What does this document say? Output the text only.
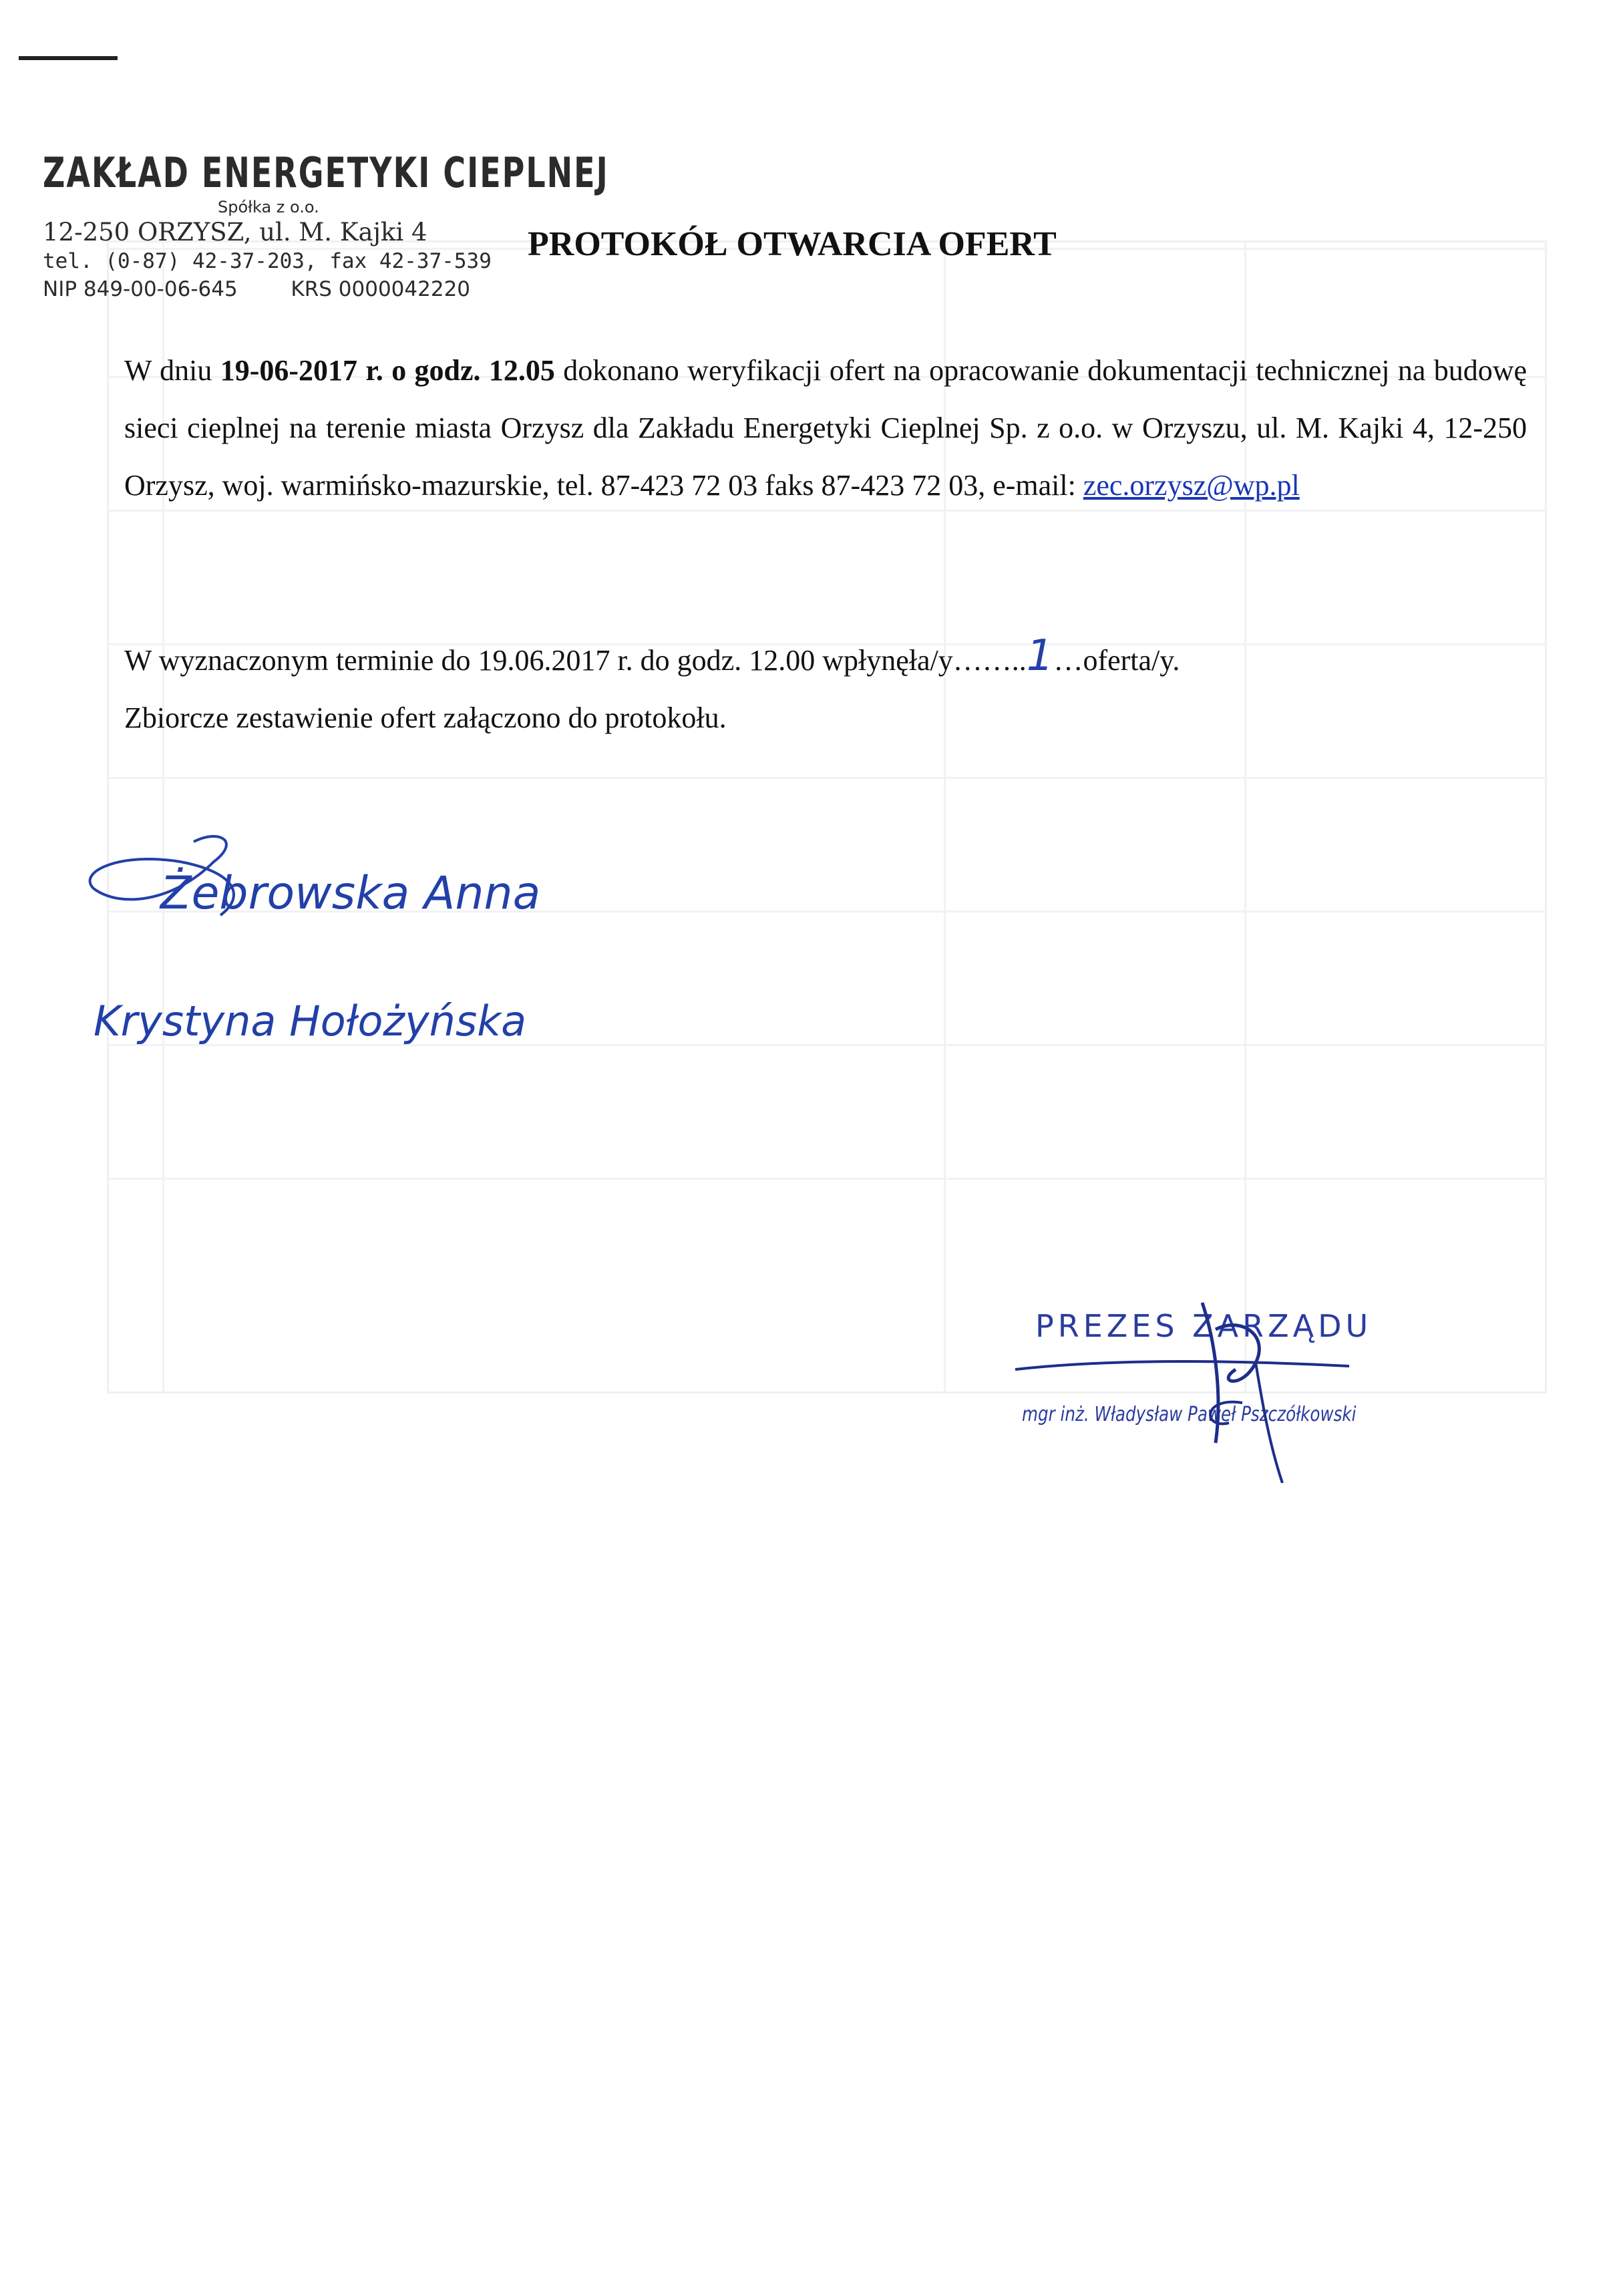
ZAKŁAD ENERGETYKI CIEPLNEJ
Spółka z o.o.
12-250 ORZYSZ, ul. M. Kajki 4
tel. (0-87) 42-37-203, fax 42-37-539
NIP 849-00-06-645	KRS 0000042220
PROTOKÓŁ OTWARCIA OFERT
W dniu 19-06-2017 r. o godz. 12.05 dokonano weryfikacji ofert na opracowanie dokumentacji technicznej na budowę sieci cieplnej na terenie miasta Orzysz dla Zakładu Energetyki Cieplnej Sp. z o.o. w Orzyszu, ul. M. Kajki 4, 12-250 Orzysz, woj. warmińsko-mazurskie, tel. 87-423 72 03 faks 87-423 72 03, e-mail: zec.orzysz@wp.pl
W wyznaczonym terminie do 19.06.2017 r. do godz. 12.00 wpłynęła/y……..1…oferta/y.
Zbiorcze zestawienie ofert załączono do protokołu.
Żebrowska Anna
Krystyna Hołożyńska
PREZES ZARZĄDU
mgr inż. Władysław Paweł Pszczółkowski
